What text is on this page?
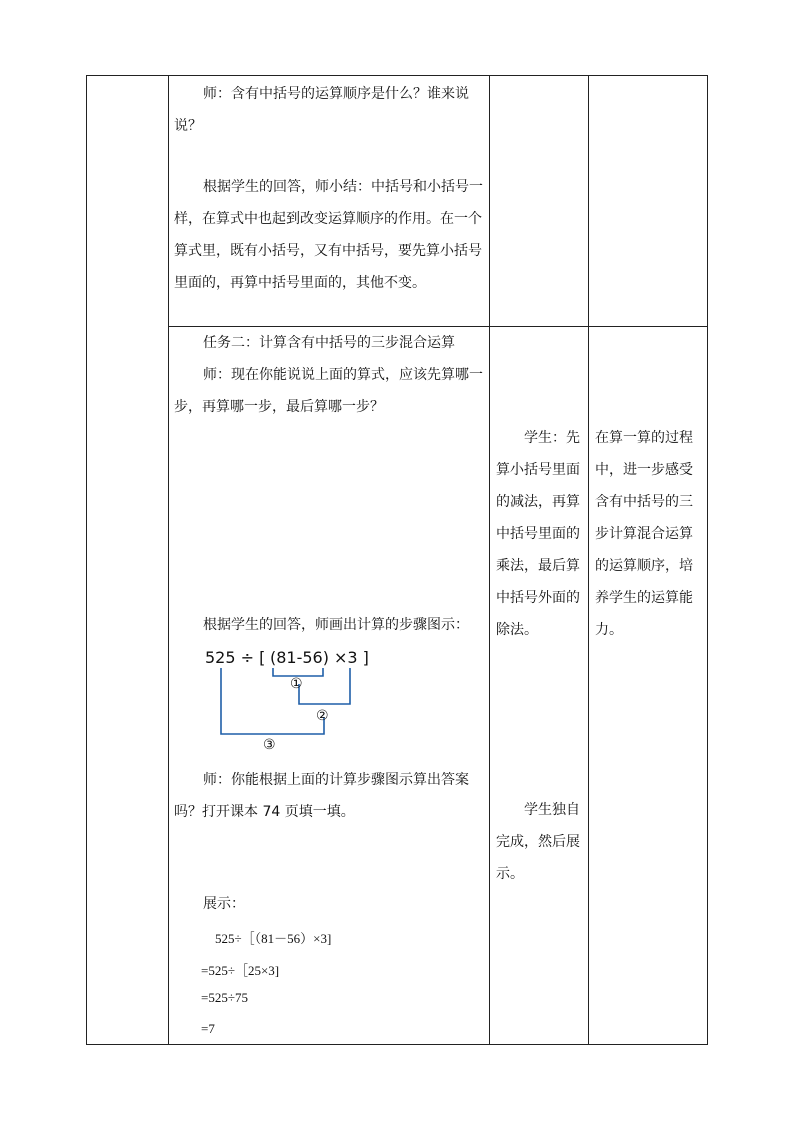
师：含有中括号的运算顺序是什么？谁来说
说？
根据学生的回答，师小结：中括号和小括号一
样，在算式中也起到改变运算顺序的作用。在一个
算式里，既有小括号，又有中括号，要先算小括号
里面的，再算中括号里面的，其他不变。
任务二：计算含有中括号的三步混合运算
师：现在你能说说上面的算式，应该先算哪一
步，再算哪一步，最后算哪一步？
根据学生的回答，师画出计算的步骤图示：
525 ÷ [ (81-56) ×3 ]
①
②
③
师：你能根据上面的计算步骤图示算出答案
吗？打开课本 74 页填一填。
展示：
525÷［（81－56）×3]
=525÷［25×3]
=525÷75
=7
学生：先
算小括号里面
的减法，再算
中括号里面的
乘法，最后算
中括号外面的
除法。
学生独自
完成，然后展
示。
在算一算的过程
中，进一步感受
含有中括号的三
步计算混合运算
的运算顺序，培
养学生的运算能
力。
